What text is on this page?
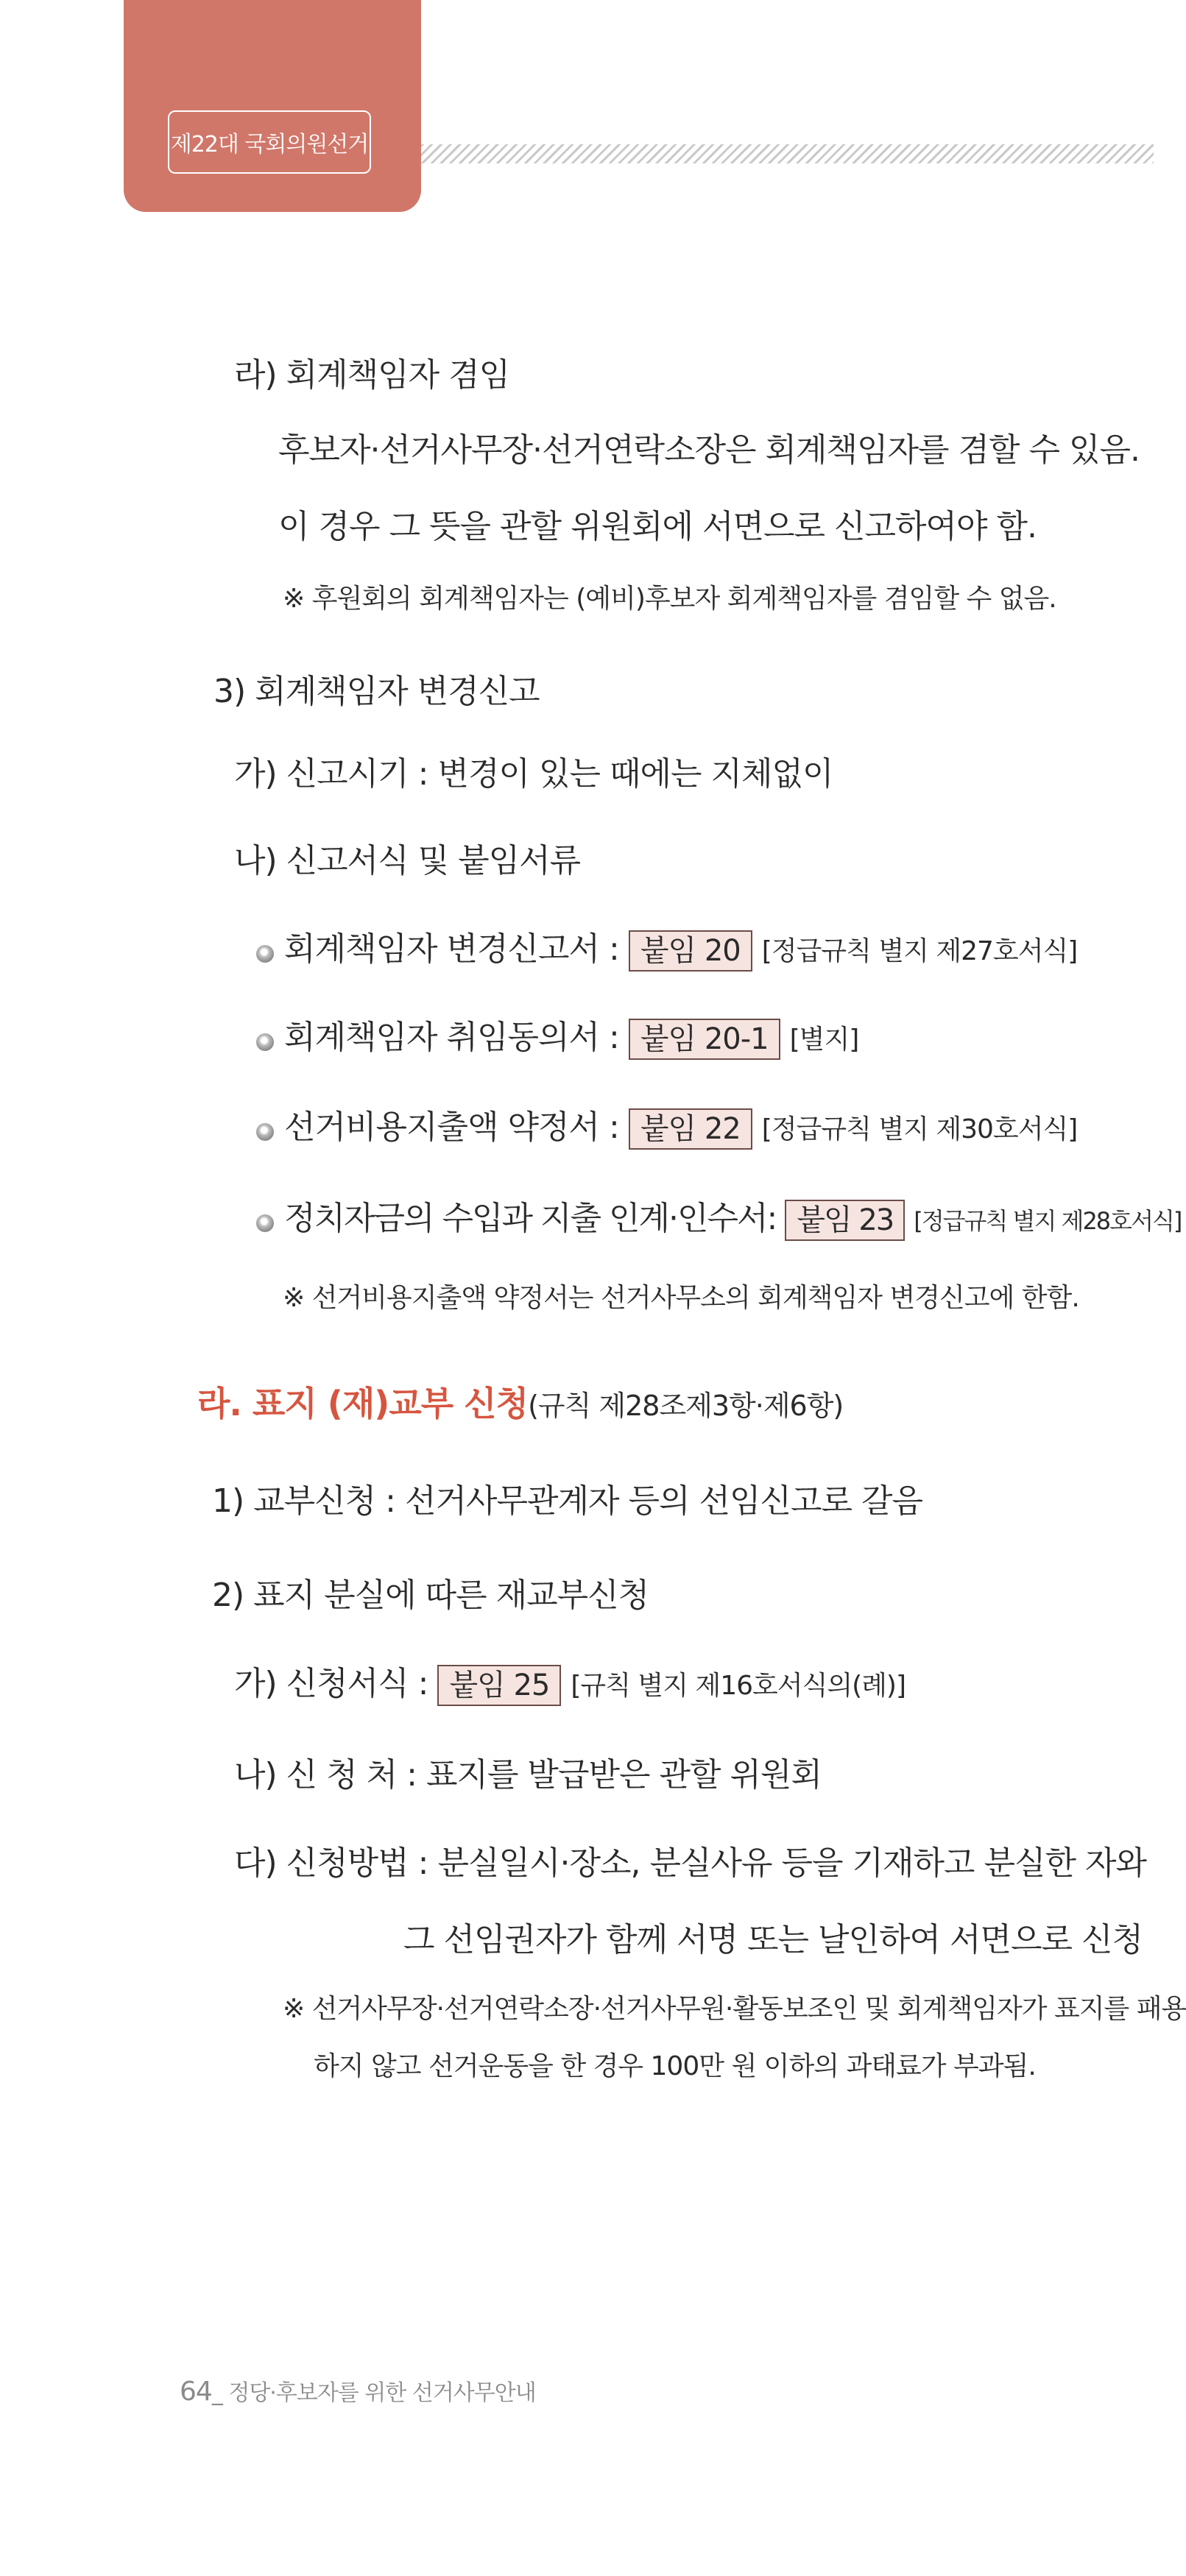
제22대 국회의원선거
라) 회계책임자 겸임
후보자·선거사무장·선거연락소장은 회계책임자를 겸할 수 있음.
이 경우 그 뜻을 관할 위원회에 서면으로 신고하여야 함.
※ 후원회의 회계책임자는 (예비)후보자 회계책임자를 겸임할 수 없음.
3) 회계책임자 변경신고
가) 신고시기 : 변경이 있는 때에는 지체없이
나) 신고서식 및 붙임서류
회계책임자 변경신고서 : 붙임 20 [정급규칙 별지 제27호서식]
회계책임자 취임동의서 : 붙임 20-1 [별지]
선거비용지출액 약정서 : 붙임 22 [정급규칙 별지 제30호서식]
정치자금의 수입과 지출 인계·인수서: 붙임 23 [정급규칙 별지 제28호서식]
※ 선거비용지출액 약정서는 선거사무소의 회계책임자 변경신고에 한함.
라. 표지 (재)교부 신청(규칙 제28조제3항·제6항)
1) 교부신청 : 선거사무관계자 등의 선임신고로 갈음
2) 표지 분실에 따른 재교부신청
가) 신청서식 : 붙임 25 [규칙 별지 제16호서식의(례)]
나) 신 청 처 : 표지를 발급받은 관할 위원회
다) 신청방법 : 분실일시·장소, 분실사유 등을 기재하고 분실한 자와
그 선임권자가 함께 서명 또는 날인하여 서면으로 신청
※ 선거사무장·선거연락소장·선거사무원·활동보조인 및 회계책임자가 표지를 패용
하지 않고 선거운동을 한 경우 100만 원 이하의 과태료가 부과됨.
64_ 정당·후보자를 위한 선거사무안내
